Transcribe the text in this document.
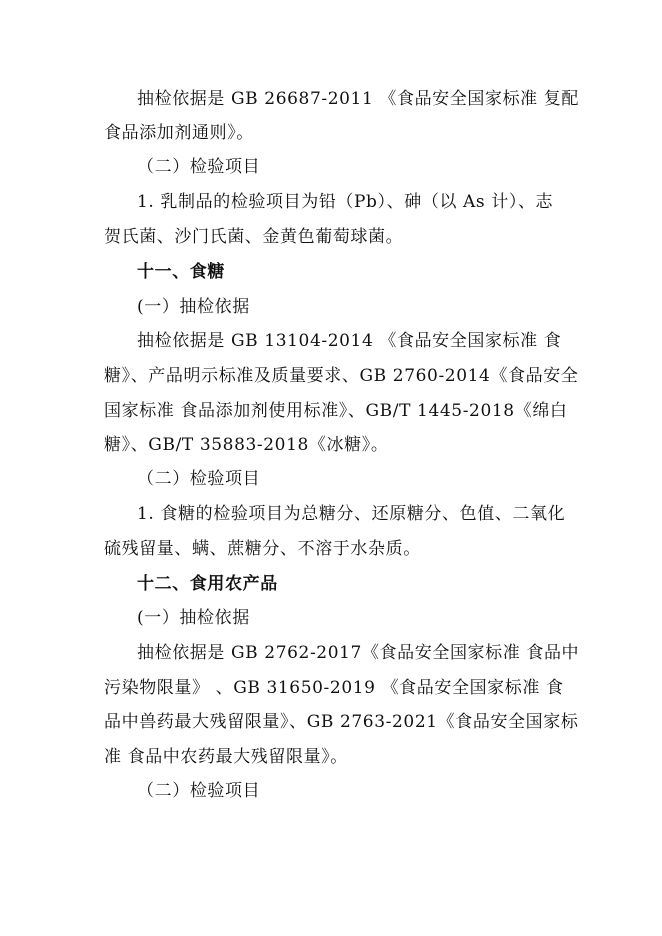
抽检依据是 GB 26687-2011 《食品安全国家标准 复配

食品添加剂通则》。

（二）检验项目

1. 乳制品的检验项目为铅（Pb）、砷（以 As 计）、志

贺氏菌、沙门氏菌、金黄色葡萄球菌。

十一、食糖

(一）抽检依据

抽检依据是 GB 13104-2014 《食品安全国家标准 食

糖》、产品明示标准及质量要求、GB 2760-2014《食品安全

国家标准 食品添加剂使用标准》、GB/T 1445-2018《绵白

糖》、GB/T 35883-2018《冰糖》。

（二）检验项目

1. 食糖的检验项目为总糖分、还原糖分、色值、二氧化

硫残留量、螨、蔗糖分、不溶于水杂质。

十二、食用农产品

(一）抽检依据

抽检依据是 GB 2762-2017《食品安全国家标准 食品中

污染物限量》 、GB 31650-2019 《食品安全国家标准 食

品中兽药最大残留限量》、GB 2763-2021《食品安全国家标

准 食品中农药最大残留限量》。

（二）检验项目
